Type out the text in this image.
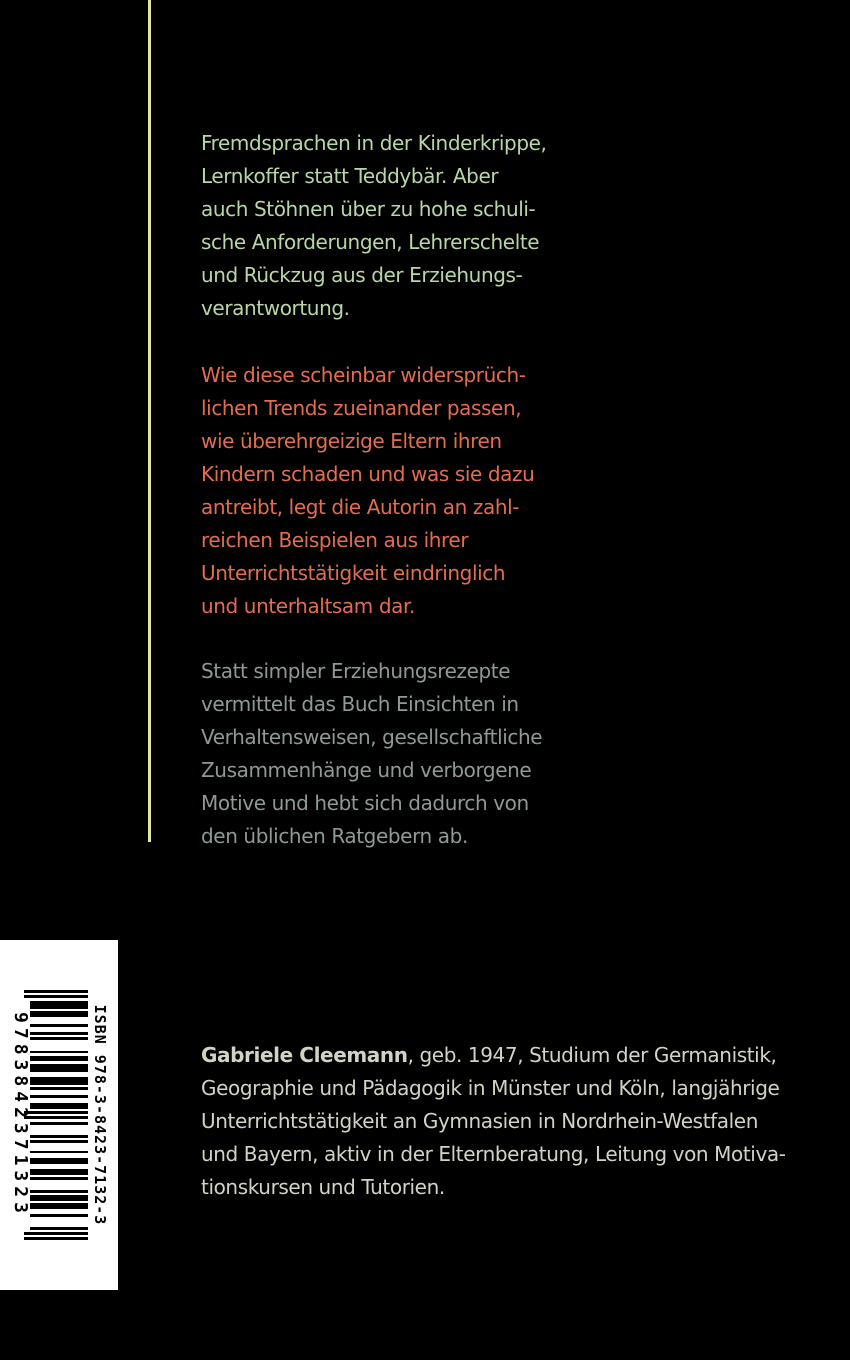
Fremdsprachen in der Kinderkrippe,
Lernkoffer statt Teddybär. Aber
auch Stöhnen über zu hohe schuli-
sche Anforderungen, Lehrerschelte
und Rückzug aus der Erziehungs-
verantwortung.
Wie diese scheinbar widersprüch-
lichen Trends zueinander passen,
wie überehrgeizige Eltern ihren
Kindern schaden und was sie dazu
antreibt, legt die Autorin an zahl-
reichen Beispielen aus ihrer
Unterrichtstätigkeit eindringlich
und unterhaltsam dar.
Statt simpler Erziehungsrezepte
vermittelt das Buch Einsichten in
Verhaltensweisen, gesellschaftliche
Zusammenhänge und verborgene
Motive und hebt sich dadurch von
den üblichen Ratgebern ab.
ISBN 978-3-8423-7132-3
9783842371323	Gabriele Cleemann, geb. 1947, Studium der Germanistik,
Geographie und Pädagogik in Münster und Köln, langjährige
Unterrichtstätigkeit an Gymnasien in Nordrhein-Westfalen
und Bayern, aktiv in der Elternberatung, Leitung von Motiva-
tionskursen und Tutorien.
